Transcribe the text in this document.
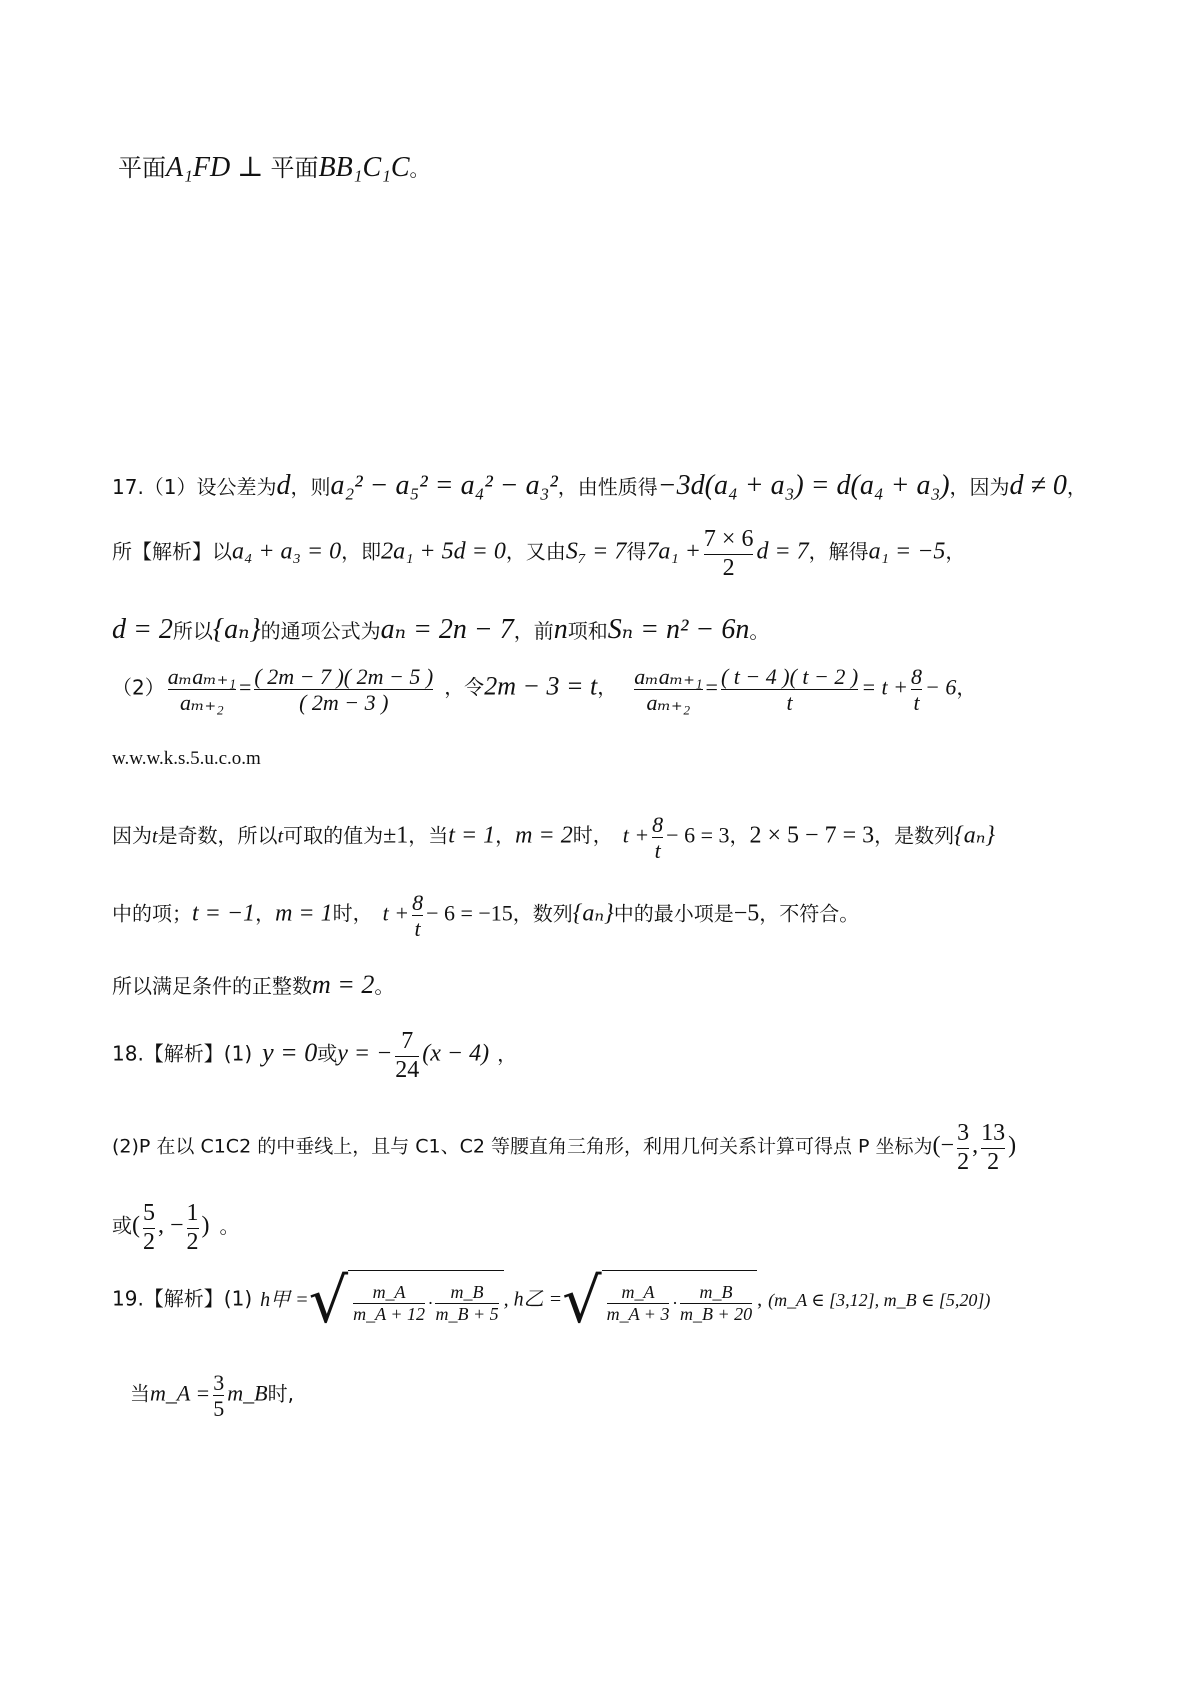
平面A₁FD ⊥ 平面BB₁C₁C。
17.（1）设公差为d，则a₂² − a₅² = a₄² − a₃²，由性质得−3d(a₄ + a₃) = d(a₄ + a₃)，因为d ≠ 0，
所【解析】以a₄ + a₃ = 0，即2a₁ + 5d = 0，又由S₇ = 7得$7a_1 + \frac{7 \times 6}{2}$ d = 7，解得a₁ = −5，
d = 2所以{aₙ}的通项公式为aₙ = 2n − 7，前n项和Sₙ = n² − 6n。
$(2) \frac{\text{aₘaₘ₊₁}}{\text{aₘ₊₂}} = \frac{( 2m - 7 )( 2m - 5 )}{( 2m - 3 )}$ ，令2m − 3 = t， $\frac{\text{aₘaₘ₊₁}}{\text{aₘ₊₂}} = \frac{( t - 4 )( t - 2 )}{t} = t + \frac{8}{t} - 6$，
w.w.w.k.s.5.u.c.o.m
因为t是奇数，所以t可取的值为±1，当t = 1，m = 2时， $t + \frac{8}{t} - 6 = 3$，2 × 5 − 7 = 3，是数列{aₙ}
中的项；t = −1，m = 1时， $t + \frac{8}{t} - 6 = -15$，数列{aₙ}中的最小项是−5，不符合。
所以满足条件的正整数m = 2。
18.【解析】(1) y = 0或y = − $\frac{7}{24} (x - 4)$ ，
(2)P 在以 C1C2 的中垂线上，且与 C1、C2 等腰直角三角形，利用几何关系计算可得点 P 坐标为(− $\frac{3}{2}$ , $\frac{13}{2}$ )
或( $\frac{5}{2}$ , − $\frac{1}{2}$ ) 。
19.【解析】(1) h甲 = √ $\frac{m\_A}{m\_A + 12} \cdot \frac{m\_B}{m\_B + 5}$ , h乙 = √ $\frac{m\_A}{m\_A + 3} \cdot \frac{m\_B}{m\_B + 20}$ , (m_A ∈ [3,12], m_B ∈ [5,20])
当m_A = $\frac{3}{5}$ m_B时,
